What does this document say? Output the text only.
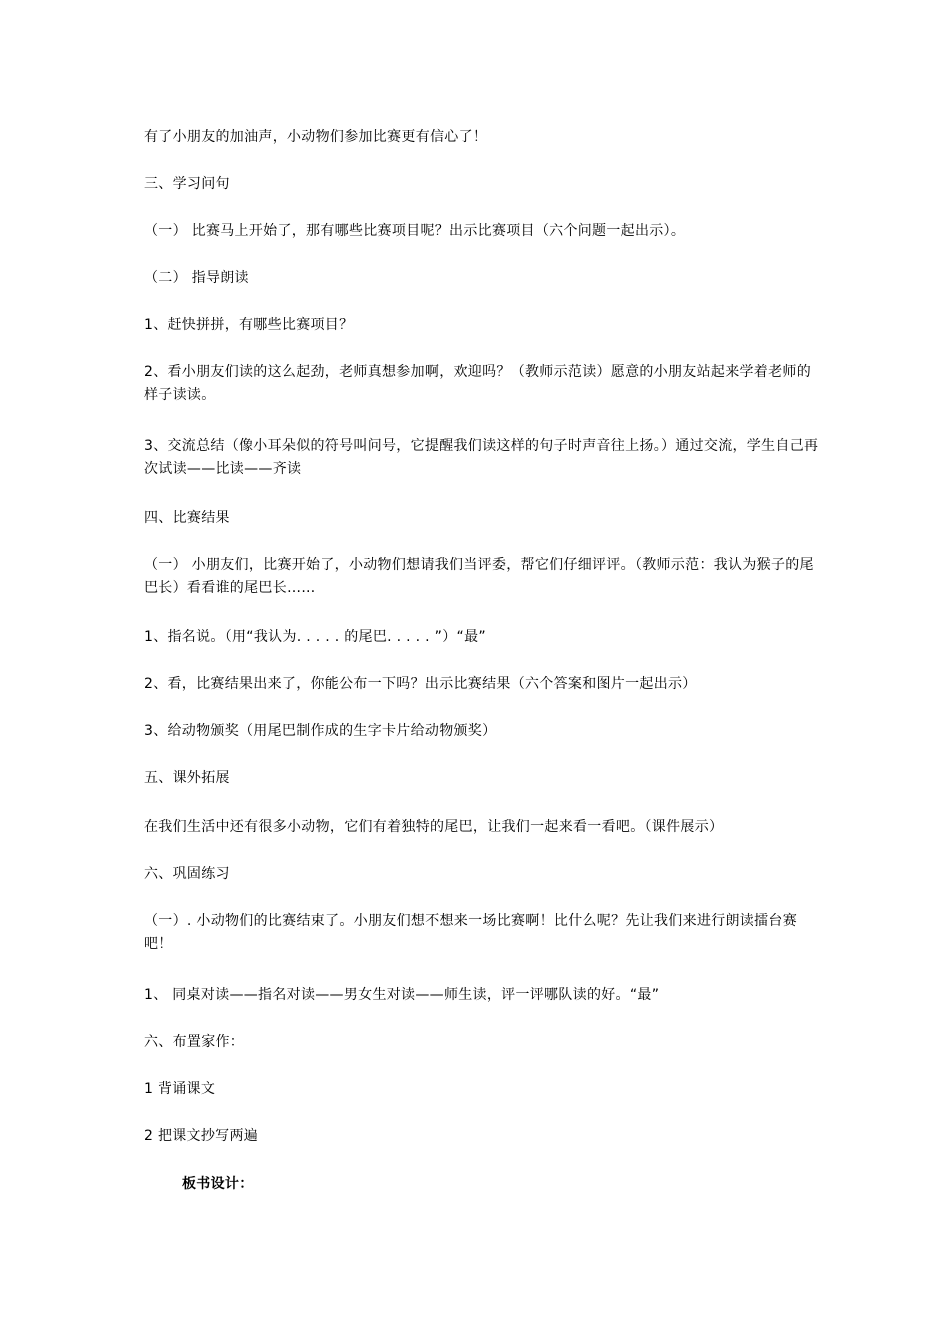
有了小朋友的加油声，小动物们参加比赛更有信心了！
三、学习问句
（一） 比赛马上开始了，那有哪些比赛项目呢？出示比赛项目（六个问题一起出示）。
（二） 指导朗读
1、赶快拼拼，有哪些比赛项目？
2、看小朋友们读的这么起劲，老师真想参加啊，欢迎吗？（教师示范读）愿意的小朋友站起来学着老师的样子读读。
3、交流总结（像小耳朵似的符号叫问号，它提醒我们读这样的句子时声音往上扬。）通过交流，学生自己再次试读——比读——齐读
四、比赛结果
（一） 小朋友们，比赛开始了，小动物们想请我们当评委，帮它们仔细评评。（教师示范：我认为猴子的尾巴长）看看谁的尾巴长……
1、指名说。（用“我认为. . . . . 的尾巴. . . . . ”）“最”
2、看，比赛结果出来了，你能公布一下吗？出示比赛结果（六个答案和图片一起出示）
3、给动物颁奖（用尾巴制作成的生字卡片给动物颁奖）
五、课外拓展
在我们生活中还有很多小动物，它们有着独特的尾巴，让我们一起来看一看吧。（课件展示）
六、巩固练习
（一）. 小动物们的比赛结束了。小朋友们想不想来一场比赛啊！比什么呢？先让我们来进行朗读擂台赛吧！
1、 同桌对读——指名对读——男女生对读——师生读，评一评哪队读的好。“最”
六、布置家作：
1 背诵课文
2 把课文抄写两遍
板书设计：
